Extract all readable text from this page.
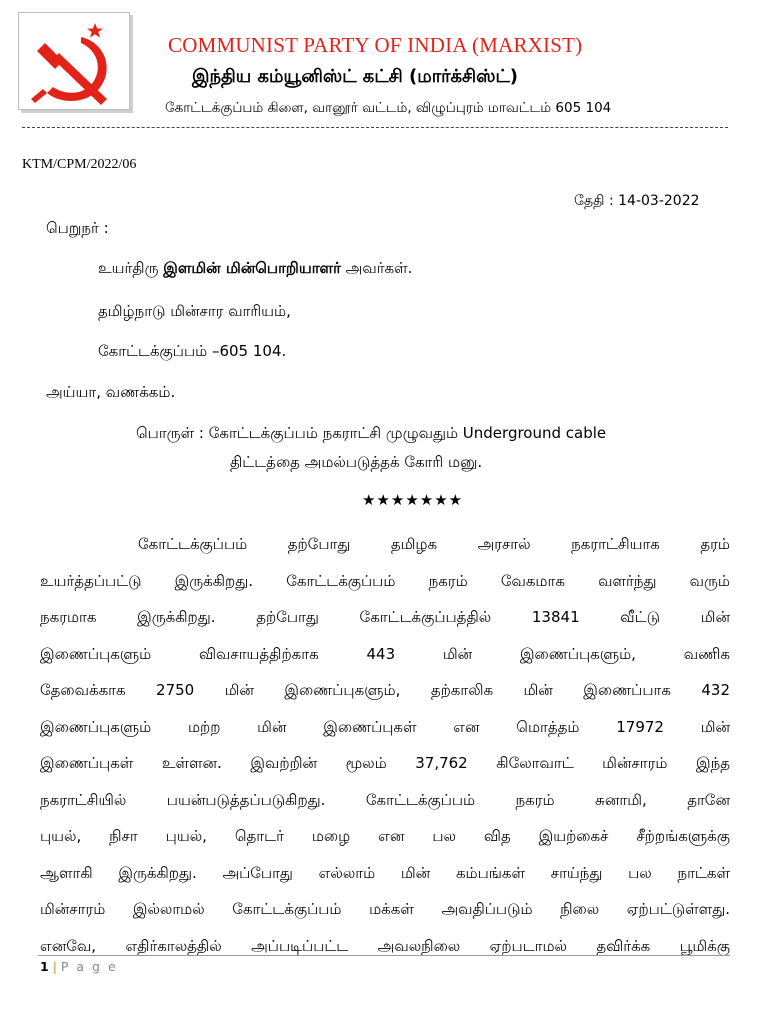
COMMUNIST PARTY OF INDIA (MARXIST)
இந்திய கம்யூனிஸ்ட் கட்சி (மார்க்சிஸ்ட்)
கோட்டக்குப்பம் கிளை, வானூர் வட்டம், விழுப்புரம் மாவட்டம் 605 104
KTM/CPM/2022/06
தேதி : 14-03-2022
பெறுநர் :
உயர்திரு இளமின் மின்பொறியாளர் அவர்கள்.
தமிழ்நாடு மின்சார வாரியம்,
கோட்டக்குப்பம் –605 104.
அய்யா, வணக்கம்.
பொருள் : கோட்டக்குப்பம் நகராட்சி முழுவதும் Underground cable
திட்டத்தை அமல்படுத்தக் கோரி மனு.
★★★★★★★
கோட்டக்குப்பம் தற்போது தமிழக அரசால் நகராட்சியாக தரம்
உயர்த்தப்பட்டு இருக்கிறது. கோட்டக்குப்பம் நகரம் வேகமாக வளர்ந்து வரும்
நகரமாக இருக்கிறது. தற்போது கோட்டக்குப்பத்தில் 13841 வீட்டு மின்
இணைப்புகளும் விவசாயத்திற்காக 443 மின் இணைப்புகளும், வணிக
தேவைக்காக 2750 மின் இணைப்புகளும், தற்காலிக மின் இணைப்பாக 432
இணைப்புகளும் மற்ற மின் இணைப்புகள் என மொத்தம் 17972 மின்
இணைப்புகள் உள்ளன. இவற்றின் மூலம் 37,762 கிலோவாட் மின்சாரம் இந்த
நகராட்சியில் பயன்படுத்தப்படுகிறது. கோட்டக்குப்பம் நகரம் சுனாமி, தானே
புயல், நிசா புயல், தொடர் மழை என பல வித இயற்கைச் சீற்றங்களுக்கு
ஆளாகி இருக்கிறது. அப்போது எல்லாம் மின் கம்பங்கள் சாய்ந்து பல நாட்கள்
மின்சாரம் இல்லாமல் கோட்டக்குப்பம் மக்கள் அவதிப்படும் நிலை ஏற்பட்டுள்ளது.
எனவே, எதிர்காலத்தில் அப்படிப்பட்ட அவலநிலை ஏற்படாமல் தவிர்க்க பூமிக்கு
1 | P a g e
